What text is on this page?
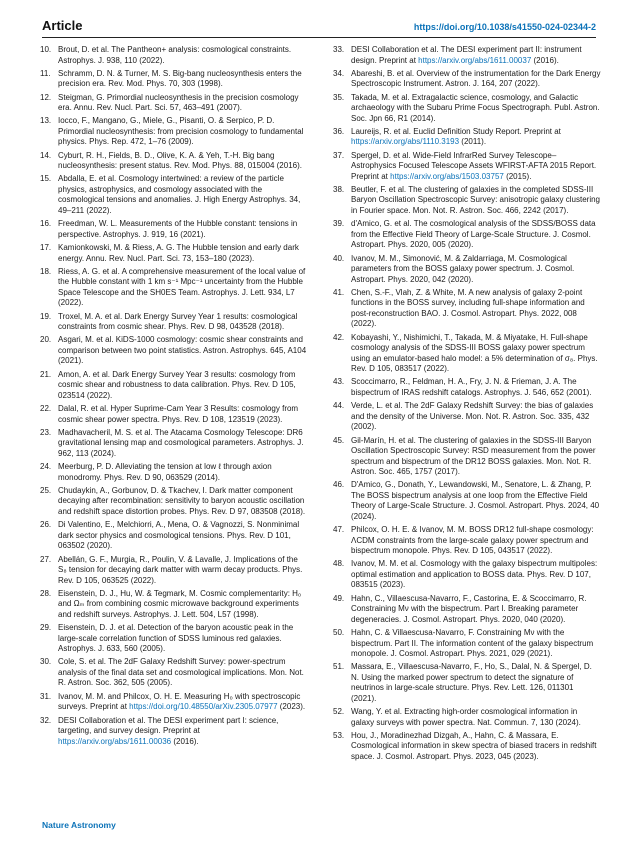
Article	https://doi.org/10.1038/s41550-024-02344-2
10. Brout, D. et al. The Pantheon+ analysis: cosmological constraints. Astrophys. J. 938, 110 (2022).
11. Schramm, D. N. & Turner, M. S. Big-bang nucleosynthesis enters the precision era. Rev. Mod. Phys. 70, 303 (1998).
12. Steigman, G. Primordial nucleosynthesis in the precision cosmology era. Annu. Rev. Nucl. Part. Sci. 57, 463–491 (2007).
13. Iocco, F., Mangano, G., Miele, G., Pisanti, O. & Serpico, P. D. Primordial nucleosynthesis: from precision cosmology to fundamental physics. Phys. Rep. 472, 1–76 (2009).
14. Cyburt, R. H., Fields, B. D., Olive, K. A. & Yeh, T.-H. Big bang nucleosynthesis: present status. Rev. Mod. Phys. 88, 015004 (2016).
15. Abdalla, E. et al. Cosmology intertwined: a review of the particle physics, astrophysics, and cosmology associated with the cosmological tensions and anomalies. J. High Energy Astrophys. 34, 49–211 (2022).
16. Freedman, W. L. Measurements of the Hubble constant: tensions in perspective. Astrophys. J. 919, 16 (2021).
17. Kamionkowski, M. & Riess, A. G. The Hubble tension and early dark energy. Annu. Rev. Nucl. Part. Sci. 73, 153–180 (2023).
18. Riess, A. G. et al. A comprehensive measurement of the local value of the Hubble constant with 1 km s⁻¹ Mpc⁻¹ uncertainty from the Hubble Space Telescope and the SH0ES Team. Astrophys. J. Lett. 934, L7 (2022).
19. Troxel, M. A. et al. Dark Energy Survey Year 1 results: cosmological constraints from cosmic shear. Phys. Rev. D 98, 043528 (2018).
20. Asgari, M. et al. KiDS-1000 cosmology: cosmic shear constraints and comparison between two point statistics. Astron. Astrophys. 645, A104 (2021).
21. Amon, A. et al. Dark Energy Survey Year 3 results: cosmology from cosmic shear and robustness to data calibration. Phys. Rev. D 105, 023514 (2022).
22. Dalal, R. et al. Hyper Suprime-Cam Year 3 Results: cosmology from cosmic shear power spectra. Phys. Rev. D 108, 123519 (2023).
23. Madhavacheril, M. S. et al. The Atacama Cosmology Telescope: DR6 gravitational lensing map and cosmological parameters. Astrophys. J. 962, 113 (2024).
24. Meerburg, P. D. Alleviating the tension at low ℓ through axion monodromy. Phys. Rev. D 90, 063529 (2014).
25. Chudaykin, A., Gorbunov, D. & Tkachev, I. Dark matter component decaying after recombination: sensitivity to baryon acoustic oscillation and redshift space distortion probes. Phys. Rev. D 97, 083508 (2018).
26. Di Valentino, E., Melchiorri, A., Mena, O. & Vagnozzi, S. Nonminimal dark sector physics and cosmological tensions. Phys. Rev. D 101, 063502 (2020).
27. Abellán, G. F., Murgia, R., Poulin, V. & Lavalle, J. Implications of the S₈ tension for decaying dark matter with warm decay products. Phys. Rev. D 105, 063525 (2022).
28. Eisenstein, D. J., Hu, W. & Tegmark, M. Cosmic complementarity: H₀ and Ωₘ from combining cosmic microwave background experiments and redshift surveys. Astrophys. J. Lett. 504, L57 (1998).
29. Eisenstein, D. J. et al. Detection of the baryon acoustic peak in the large-scale correlation function of SDSS luminous red galaxies. Astrophys. J. 633, 560 (2005).
30. Cole, S. et al. The 2dF Galaxy Redshift Survey: power-spectrum analysis of the final data set and cosmological implications. Mon. Not. R. Astron. Soc. 362, 505 (2005).
31. Ivanov, M. M. and Philcox, O. H. E. Measuring H₀ with spectroscopic surveys. Preprint at https://doi.org/10.48550/arXiv.2305.07977 (2023).
32. DESI Collaboration et al. The DESI experiment part I: science, targeting, and survey design. Preprint at https://arxiv.org/abs/1611.00036 (2016).
33. DESI Collaboration et al. The DESI experiment part II: instrument design. Preprint at https://arxiv.org/abs/1611.00037 (2016).
34. Abareshi, B. et al. Overview of the instrumentation for the Dark Energy Spectroscopic Instrument. Astron. J. 164, 207 (2022).
35. Takada, M. et al. Extragalactic science, cosmology, and Galactic archaeology with the Subaru Prime Focus Spectrograph. Publ. Astron. Soc. Jpn 66, R1 (2014).
36. Laureijs, R. et al. Euclid Definition Study Report. Preprint at https://arxiv.org/abs/1110.3193 (2011).
37. Spergel, D. et al. Wide-Field InfrarRed Survey Telescope–Astrophysics Focused Telescope Assets WFIRST-AFTA 2015 Report. Preprint at https://arxiv.org/abs/1503.03757 (2015).
38. Beutler, F. et al. The clustering of galaxies in the completed SDSS-III Baryon Oscillation Spectroscopic Survey: anisotropic galaxy clustering in Fourier space. Mon. Not. R. Astron. Soc. 466, 2242 (2017).
39. d'Amico, G. et al. The cosmological analysis of the SDSS/BOSS data from the Effective Field Theory of Large-Scale Structure. J. Cosmol. Astropart. Phys. 2020, 005 (2020).
40. Ivanov, M. M., Simonović, M. & Zaldarriaga, M. Cosmological parameters from the BOSS galaxy power spectrum. J. Cosmol. Astropart. Phys. 2020, 042 (2020).
41. Chen, S.-F., Vlah, Z. & White, M. A new analysis of galaxy 2-point functions in the BOSS survey, including full-shape information and post-reconstruction BAO. J. Cosmol. Astropart. Phys. 2022, 008 (2022).
42. Kobayashi, Y., Nishimichi, T., Takada, M. & Miyatake, H. Full-shape cosmology analysis of the SDSS-III BOSS galaxy power spectrum using an emulator-based halo model: a 5% determination of σ₈. Phys. Rev. D 105, 083517 (2022).
43. Scoccimarro, R., Feldman, H. A., Fry, J. N. & Frieman, J. A. The bispectrum of IRAS redshift catalogs. Astrophys. J. 546, 652 (2001).
44. Verde, L. et al. The 2dF Galaxy Redshift Survey: the bias of galaxies and the density of the Universe. Mon. Not. R. Astron. Soc. 335, 432 (2002).
45. Gil-Marín, H. et al. The clustering of galaxies in the SDSS-III Baryon Oscillation Spectroscopic Survey: RSD measurement from the power spectrum and bispectrum of the DR12 BOSS galaxies. Mon. Not. R. Astron. Soc. 465, 1757 (2017).
46. D'Amico, G., Donath, Y., Lewandowski, M., Senatore, L. & Zhang, P. The BOSS bispectrum analysis at one loop from the Effective Field Theory of Large-Scale Structure. J. Cosmol. Astropart. Phys. 2024, 40 (2024).
47. Philcox, O. H. E. & Ivanov, M. M. BOSS DR12 full-shape cosmology: ΛCDM constraints from the large-scale galaxy power spectrum and bispectrum monopole. Phys. Rev. D 105, 043517 (2022).
48. Ivanov, M. M. et al. Cosmology with the galaxy bispectrum multipoles: optimal estimation and application to BOSS data. Phys. Rev. D 107, 083515 (2023).
49. Hahn, C., Villaescusa-Navarro, F., Castorina, E. & Scoccimarro, R. Constraining Mν with the bispectrum. Part I. Breaking parameter degeneracies. J. Cosmol. Astropart. Phys. 2020, 040 (2020).
50. Hahn, C. & Villaescusa-Navarro, F. Constraining Mν with the bispectrum. Part II. The information content of the galaxy bispectrum monopole. J. Cosmol. Astropart. Phys. 2021, 029 (2021).
51. Massara, E., Villaescusa-Navarro, F., Ho, S., Dalal, N. & Spergel, D. N. Using the marked power spectrum to detect the signature of neutrinos in large-scale structure. Phys. Rev. Lett. 126, 011301 (2021).
52. Wang, Y. et al. Extracting high-order cosmological information in galaxy surveys with power spectra. Nat. Commun. 7, 130 (2024).
53. Hou, J., Moradinezhad Dizgah, A., Hahn, C. & Massara, E. Cosmological information in skew spectra of biased tracers in redshift space. J. Cosmol. Astropart. Phys. 2023, 045 (2023).
Nature Astronomy
